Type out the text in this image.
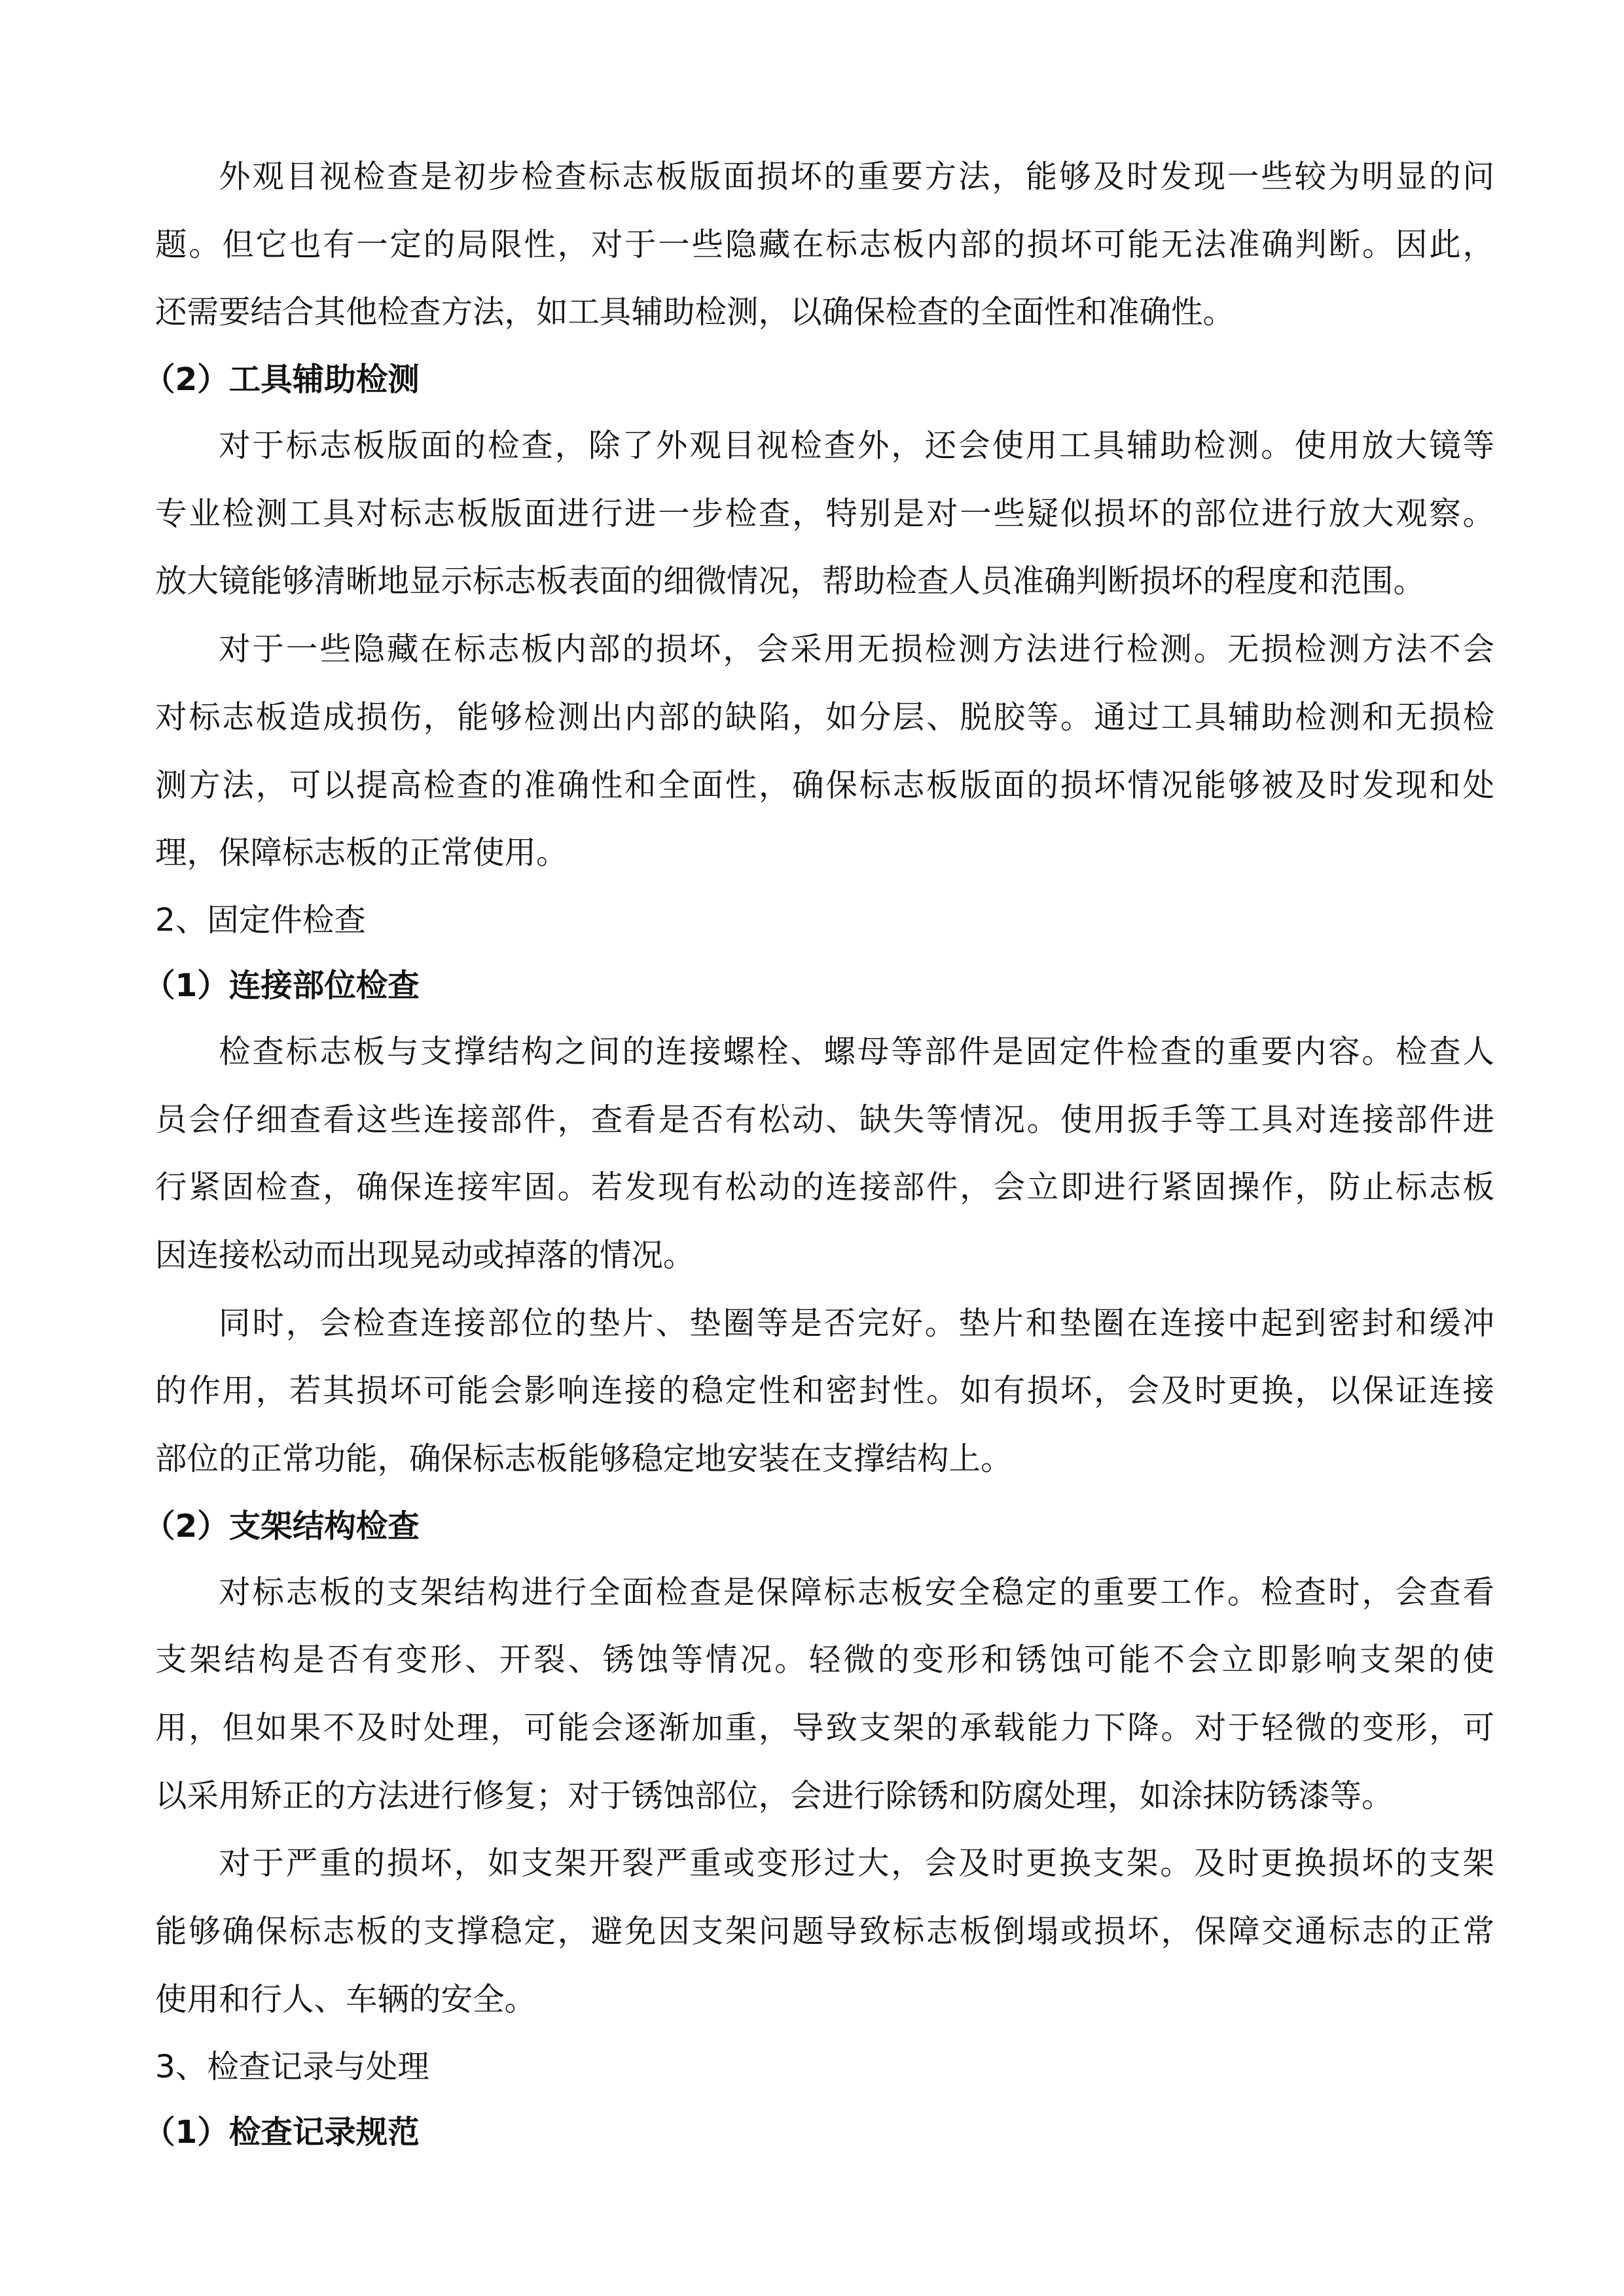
外观目视检查是初步检查标志板版面损坏的重要方法，能够及时发现一些较为明显的问
题。但它也有一定的局限性，对于一些隐藏在标志板内部的损坏可能无法准确判断。因此，
还需要结合其他检查方法，如工具辅助检测，以确保检查的全面性和准确性。
（2）工具辅助检测
对于标志板版面的检查，除了外观目视检查外，还会使用工具辅助检测。使用放大镜等
专业检测工具对标志板版面进行进一步检查，特别是对一些疑似损坏的部位进行放大观察。
放大镜能够清晰地显示标志板表面的细微情况，帮助检查人员准确判断损坏的程度和范围。
对于一些隐藏在标志板内部的损坏，会采用无损检测方法进行检测。无损检测方法不会
对标志板造成损伤，能够检测出内部的缺陷，如分层、脱胶等。通过工具辅助检测和无损检
测方法，可以提高检查的准确性和全面性，确保标志板版面的损坏情况能够被及时发现和处
理，保障标志板的正常使用。
2、固定件检查
（1）连接部位检查
检查标志板与支撑结构之间的连接螺栓、螺母等部件是固定件检查的重要内容。检查人
员会仔细查看这些连接部件，查看是否有松动、缺失等情况。使用扳手等工具对连接部件进
行紧固检查，确保连接牢固。若发现有松动的连接部件，会立即进行紧固操作，防止标志板
因连接松动而出现晃动或掉落的情况。
同时，会检查连接部位的垫片、垫圈等是否完好。垫片和垫圈在连接中起到密封和缓冲
的作用，若其损坏可能会影响连接的稳定性和密封性。如有损坏，会及时更换，以保证连接
部位的正常功能，确保标志板能够稳定地安装在支撑结构上。
（2）支架结构检查
对标志板的支架结构进行全面检查是保障标志板安全稳定的重要工作。检查时，会查看
支架结构是否有变形、开裂、锈蚀等情况。轻微的变形和锈蚀可能不会立即影响支架的使
用，但如果不及时处理，可能会逐渐加重，导致支架的承载能力下降。对于轻微的变形，可
以采用矫正的方法进行修复；对于锈蚀部位，会进行除锈和防腐处理，如涂抹防锈漆等。
对于严重的损坏，如支架开裂严重或变形过大，会及时更换支架。及时更换损坏的支架
能够确保标志板的支撑稳定，避免因支架问题导致标志板倒塌或损坏，保障交通标志的正常
使用和行人、车辆的安全。
3、检查记录与处理
（1）检查记录规范
